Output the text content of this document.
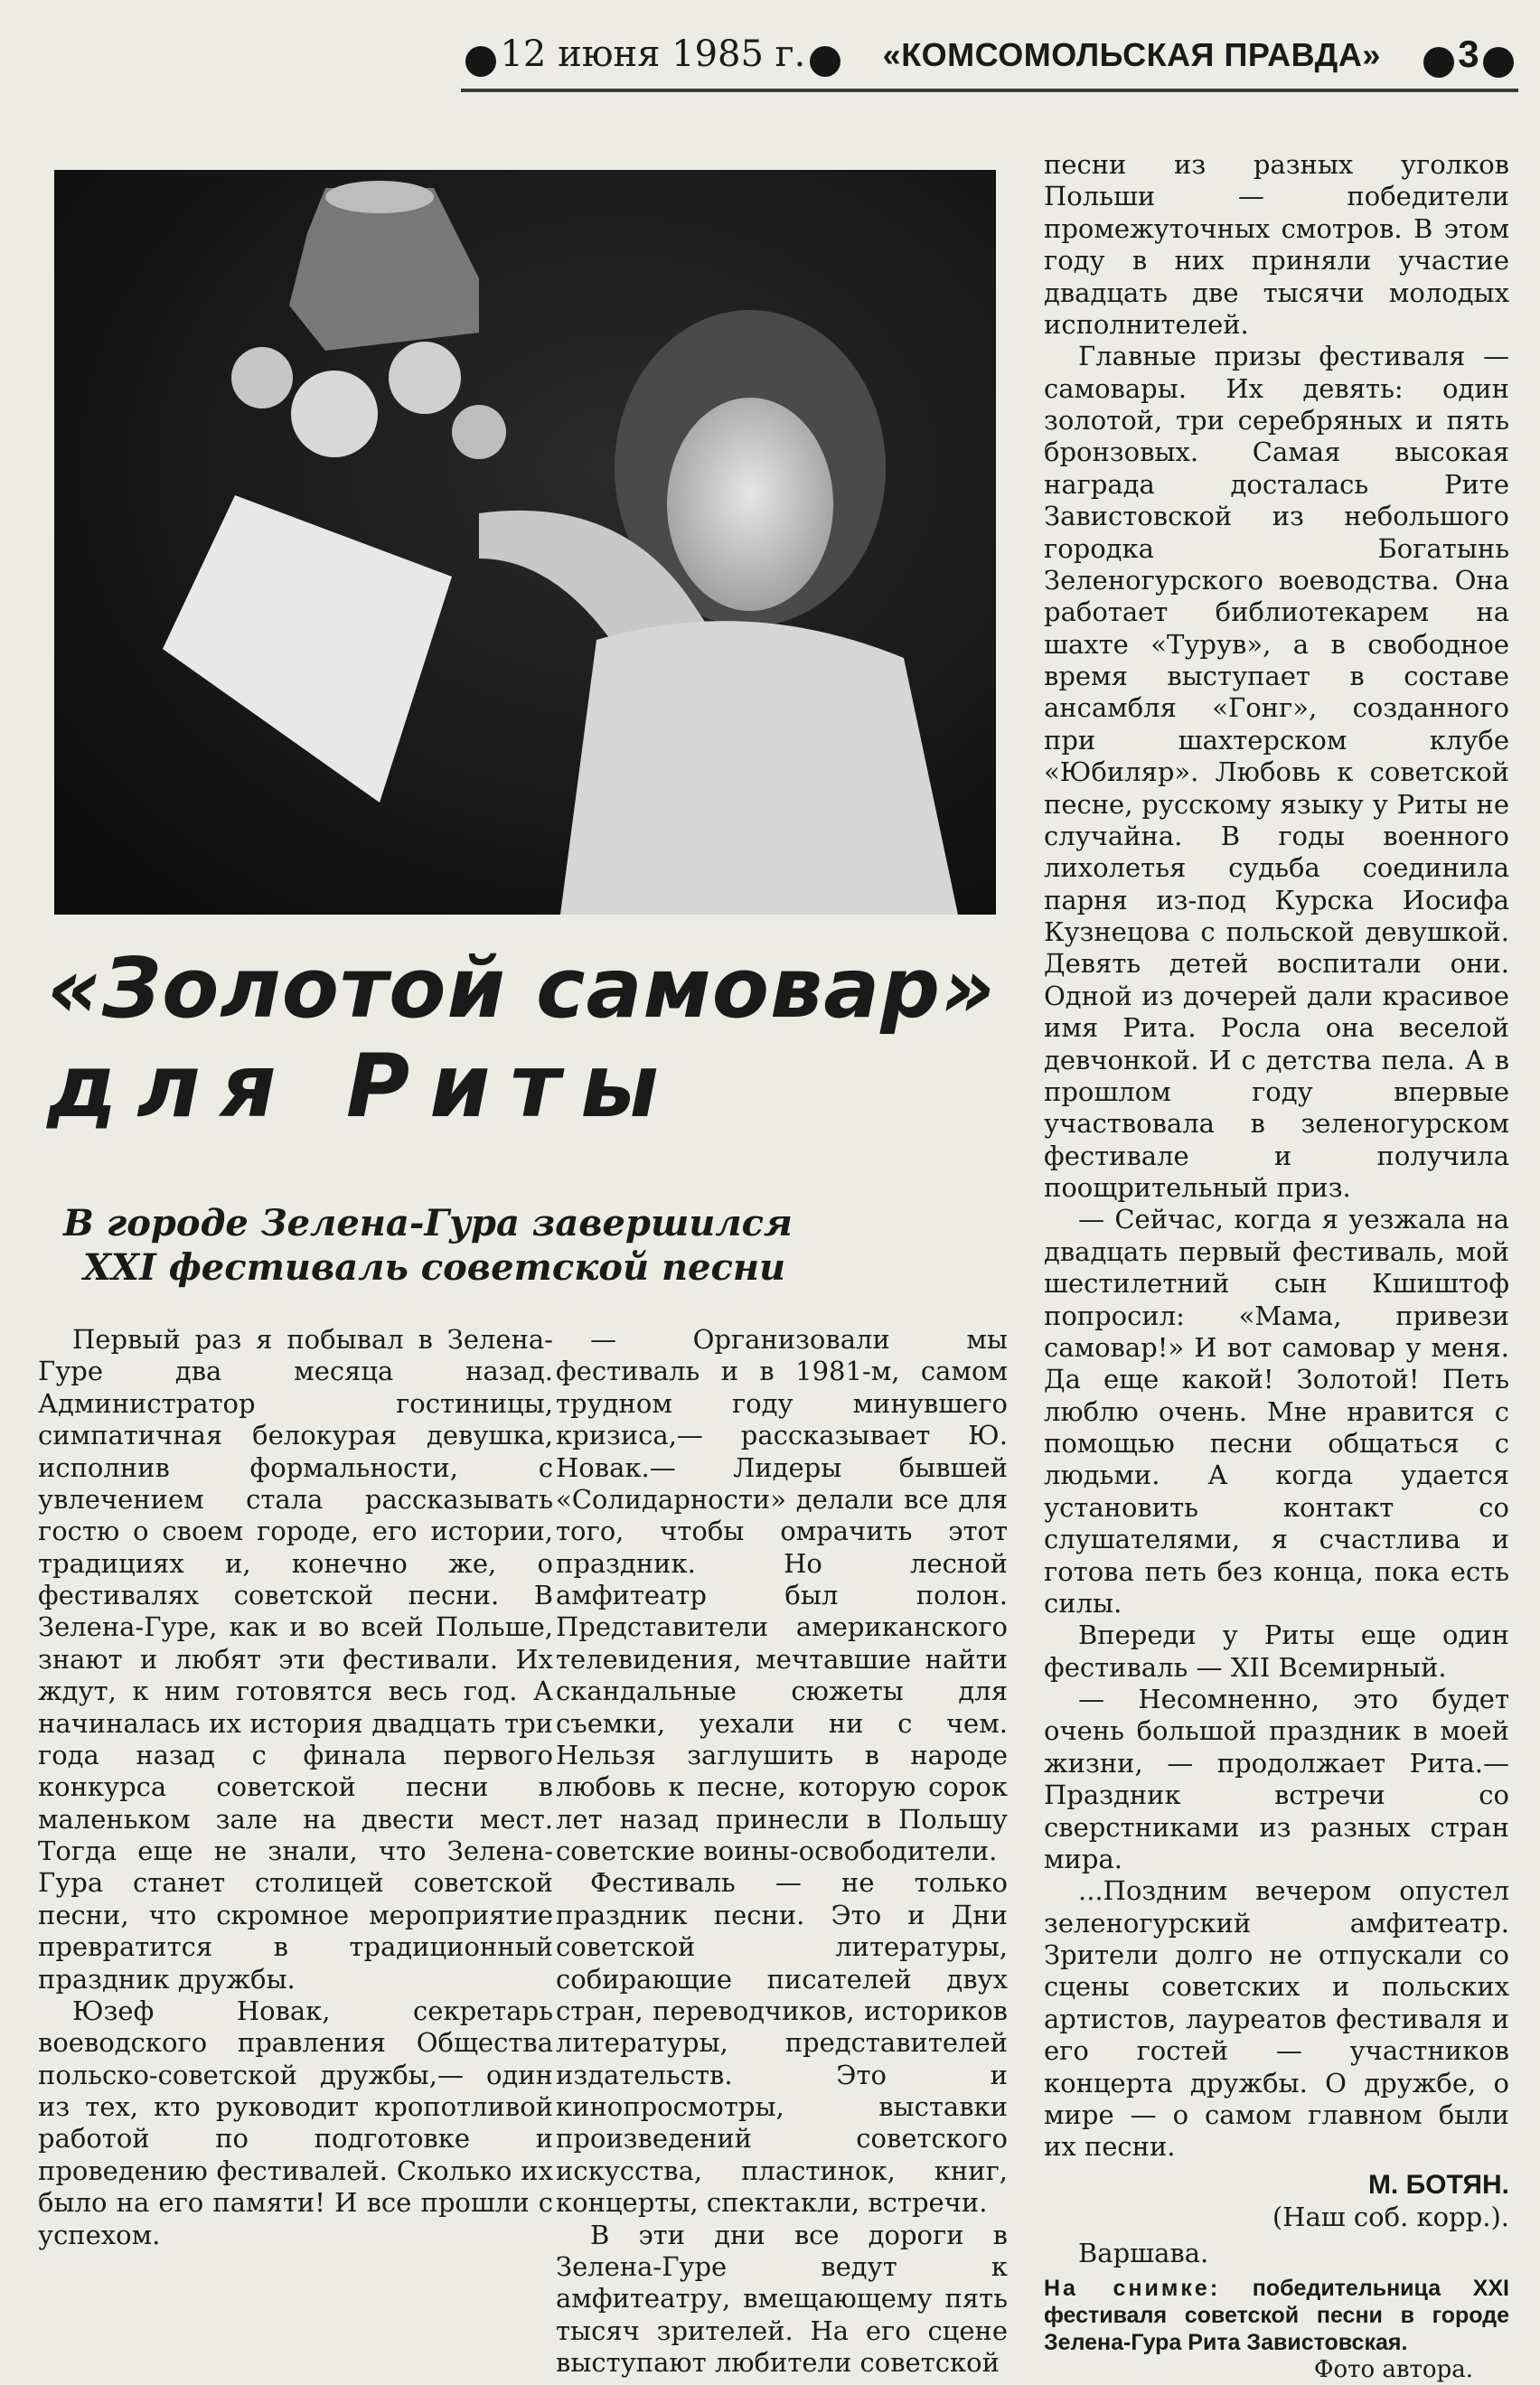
12 июня 1985 г.	«КОМСОМОЛЬСКАЯ ПРАВДА»	3
«Золотой самовар»
для Риты
В городе Зелена-Гура завершился
XXI фестиваль советской песни

Первый раз я побывал в Зелена-Гуре два месяца назад. Администратор гостиницы, симпатичная белокурая девушка, исполнив формальности, с увлечением стала рассказывать гостю о своем городе, его истории, традициях и, конечно же, о фестивалях советской песни. В Зелена-Гуре, как и во всей Польше, знают и любят эти фестивали. Их ждут, к ним готовятся весь год. А начиналась их история двадцать три года назад с финала первого конкурса советской песни в маленьком зале на двести мест. Тогда еще не знали, что Зелена-Гура станет столицей советской песни, что скромное мероприятие превратится в традиционный праздник дружбы.

Юзеф Новак, секретарь воеводского правления Общества польско-советской дружбы,— один из тех, кто руководит кропотливой работой по подготовке и проведению фестивалей. Сколько их было на его памяти! И все прошли с успехом.

— Организовали мы фестиваль и в 1981-м, самом трудном году минувшего кризиса,— рассказывает Ю. Новак.— Лидеры бывшей «Солидарности» делали все для того, чтобы омрачить этот праздник. Но лесной амфитеатр был полон. Представители американского телевидения, мечтавшие найти скандальные сюжеты для съемки, уехали ни с чем. Нельзя заглушить в народе любовь к песне, которую сорок лет назад принесли в Польшу советские воины-освободители.

Фестиваль — не только праздник песни. Это и Дни советской литературы, собирающие писателей двух стран, переводчиков, историков литературы, представителей издательств. Это и кинопросмотры, выставки произведений советского искусства, пластинок, книг, концерты, спектакли, встречи.

В эти дни все дороги в Зелена-Гуре ведут к амфитеатру, вмещающему пять тысяч зрителей. На его сцене выступают любители советской

песни из разных уголков Польши — победители промежуточных смотров. В этом году в них приняли участие двадцать две тысячи молодых исполнителей.

Главные призы фестиваля — самовары. Их девять: один золотой, три серебряных и пять бронзовых. Самая высокая награда досталась Рите Завистовской из небольшого городка Богатынь Зеленогурского воеводства. Она работает библиотекарем на шахте «Турув», а в свободное время выступает в составе ансамбля «Гонг», созданного при шахтерском клубе «Юбиляр». Любовь к советской песне, русскому языку у Риты не случайна. В годы военного лихолетья судьба соединила парня из-под Курска Иосифа Кузнецова с польской девушкой. Девять детей воспитали они. Одной из дочерей дали красивое имя Рита. Росла она веселой девчонкой. И с детства пела. А в прошлом году впервые участвовала в зеленогурском фестивале и получила поощрительный приз.

— Сейчас, когда я уезжала на двадцать первый фестиваль, мой шестилетний сын Кшиштоф попросил: «Мама, привези самовар!» И вот самовар у меня. Да еще какой! Золотой! Петь люблю очень. Мне нравится с помощью песни общаться с людьми. А когда удается установить контакт со слушателями, я счастлива и готова петь без конца, пока есть силы.

Впереди у Риты еще один фестиваль — XII Всемирный.

— Несомненно, это будет очень большой праздник в моей жизни, — продолжает Рита.— Праздник встречи со сверстниками из разных стран мира.

...Поздним вечером опустел зеленогурский амфитеатр. Зрители долго не отпускали со сцены советских и польских артистов, лауреатов фестиваля и его гостей — участников концерта дружбы. О дружбе, о мире — о самом главном были их песни.

М. БОТЯН.
(Наш соб. корр.).
Варшава.
На снимке: победительница XXI фестиваля советской песни в городе Зелена-Гура Рита Завистовская.
Фото автора.
